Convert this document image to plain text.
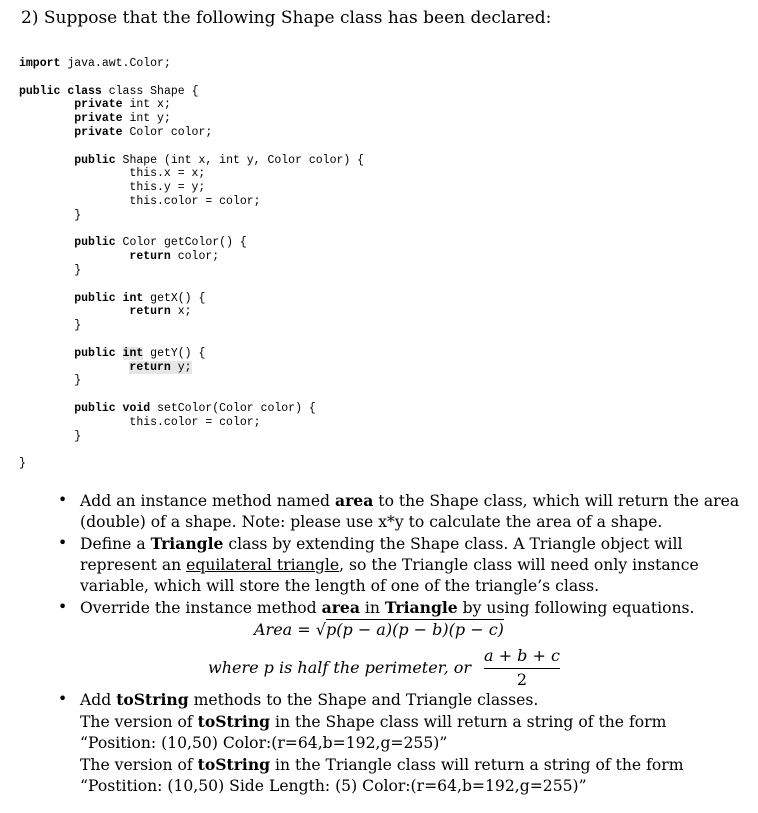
2) Suppose that the following Shape class has been declared:
import java.awt.Color;

public class class Shape {
private int x;
private int y;
private Color color;

public Shape (int x, int y, Color color) {
this.x = x;
this.y = y;
this.color = color;
}

public Color getColor() {
return color;
}

public int getX() {
return x;
}

public int getY() {
return y;
}

public void setColor(Color color) {
this.color = color;
}

}
• Add an instance method named area to the Shape class, which will return the area (double) of a shape. Note: please use x*y to calculate the area of a shape.
• Define a Triangle class by extending the Shape class. A Triangle object will represent an equilateral triangle, so the Triangle class will need only instance variable, which will store the length of one of the triangle’s class.
• Override the instance method area in Triangle by using following equations.
Area = √p(p − a)(p − b)(p − c)
where p is half the perimeter, or $\frac{a + b + c}{2}$
• Add toString methods to the Shape and Triangle classes.
The version of toString in the Shape class will return a string of the form
“Position: (10,50) Color:(r=64,b=192,g=255)”
The version of toString in the Triangle class will return a string of the form
“Postition: (10,50) Side Length: (5) Color:(r=64,b=192,g=255)”
